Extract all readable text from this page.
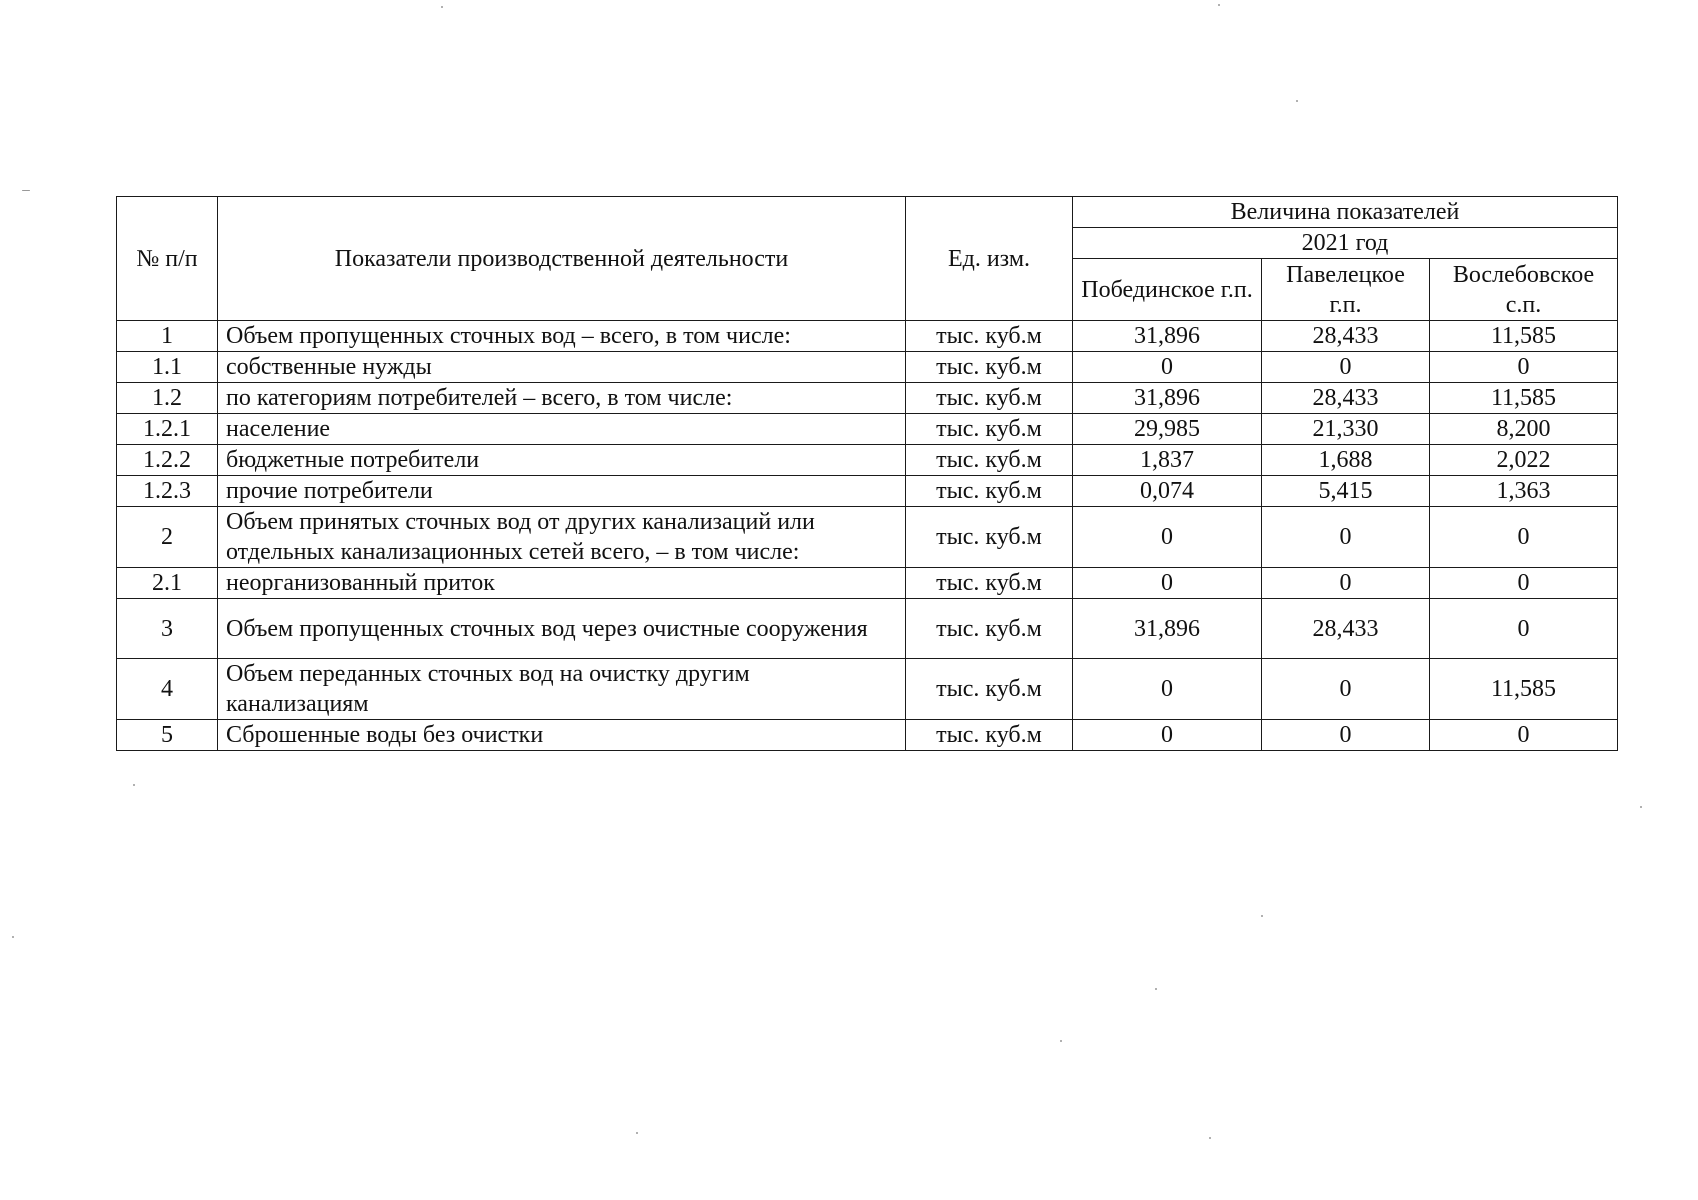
№ п/п	Показатели производственной деятельности	Ед. изм.	Величина показателей		
			2021 год		
			Побединское г.п.	Павелецкое г.п.	Вослебовское с.п.
1	Объем пропущенных сточных вод – всего, в том числе:	тыс. куб.м	31,896	28,433	11,585
1.1	собственные нужды	тыс. куб.м	0	0	0
1.2	по категориям потребителей – всего, в том числе:	тыс. куб.м	31,896	28,433	11,585
1.2.1	население	тыс. куб.м	29,985	21,330	8,200
1.2.2	бюджетные потребители	тыс. куб.м	1,837	1,688	2,022
1.2.3	прочие потребители	тыс. куб.м	0,074	5,415	1,363
2	Объем принятых сточных вод от других канализаций или отдельных канализационных сетей всего, – в том числе:	тыс. куб.м	0	0	0
2.1	неорганизованный приток	тыс. куб.м	0	0	0
3	Объем пропущенных сточных вод через очистные сооружения	тыс. куб.м	31,896	28,433	0
4	Объем переданных сточных вод на очистку другим канализациям	тыс. куб.м	0	0	11,585
5	Сброшенные воды без очистки	тыс. куб.м	0	0	0
